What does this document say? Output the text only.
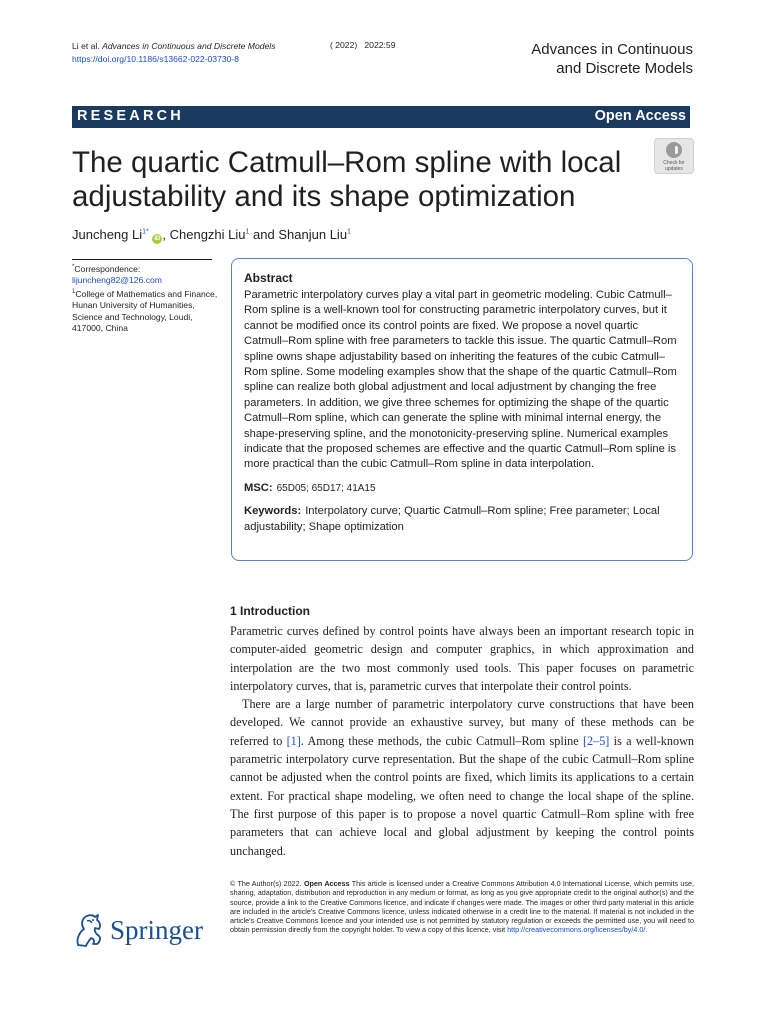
Li et al. Advances in Continuous and Discrete Models
https://doi.org/10.1186/s13662-022-03730-8
( 2022) 2022:59	Advances in Continuous
and Discrete Models
RESEARCH	Open Access
The quartic Catmull–Rom spline with local adjustability and its shape optimization
Check for
updates
Juncheng $Li^{1*}$ iD , Chengzhi Liu$^1$ and Shanjun Liu$^1$
*Correspondence:
lijuncheng82@126.com
$^1$College of Mathematics and Finance, Hunan University of Humanities, Science and Technology, Loudi, 417000, China
Abstract
Parametric interpolatory curves play a vital part in geometric modeling. Cubic Catmull–Rom spline is a well-known tool for constructing parametric interpolatory curves, but it cannot be modified once its control points are fixed. We propose a novel quartic Catmull–Rom spline with free parameters to tackle this issue. The quartic Catmull–Rom spline owns shape adjustability based on inheriting the features of the cubic Catmull–Rom spline. Some modeling examples show that the shape of the quartic Catmull–Rom spline can realize both global adjustment and local adjustment by changing the free parameters. In addition, we give three schemes for optimizing the shape of the quartic Catmull–Rom spline, which can generate the spline with minimal internal energy, the shape-preserving spline, and the monotonicity-preserving spline. Numerical examples indicate that the proposed schemes are effective and the quartic Catmull–Rom spline is more practical than the cubic Catmull–Rom spline in data interpolation.
MSC: 65D05; 65D17; 41A15
Keywords: Interpolatory curve; Quartic Catmull–Rom spline; Free parameter; Local adjustability; Shape optimization
1 Introduction

Parametric curves defined by control points have always been an important research topic in computer-aided geometric design and computer graphics, in which approximation and interpolation are the two most commonly used tools. This paper focuses on parametric interpolatory curves, that is, parametric curves that interpolate their control points.

There are a large number of parametric interpolatory curve constructions that have been developed. We cannot provide an exhaustive survey, but many of these methods can be referred to [1]. Among these methods, the cubic Catmull–Rom spline [2–5] is a well-known parametric interpolatory curve representation. But the shape of the cubic Catmull–Rom spline cannot be adjusted when the control points are fixed, which limits its applications to a certain extent. For practical shape modeling, we often need to change the local shape of the spline. The first purpose of this paper is to propose a novel quartic Catmull–Rom spline with free parameters that can achieve local and global adjustment by keeping the control points unchanged.

© The Author(s) 2022. Open Access This article is licensed under a Creative Commons Attribution 4.0 International License, which permits use, sharing, adaptation, distribution and reproduction in any medium or format, as long as you give appropriate credit to the original author(s) and the source, provide a link to the Creative Commons licence, and indicate if changes were made. The images or other third party material in this article are included in the article's Creative Commons licence, unless indicated otherwise in a credit line to the material. If material is not included in the article's Creative Commons licence and your intended use is not permitted by statutory regulation or exceeds the permitted use, you will need to obtain permission directly from the copyright holder. To view a copy of this licence, visit http://creativecommons.org/licenses/by/4.0/.
Springer
